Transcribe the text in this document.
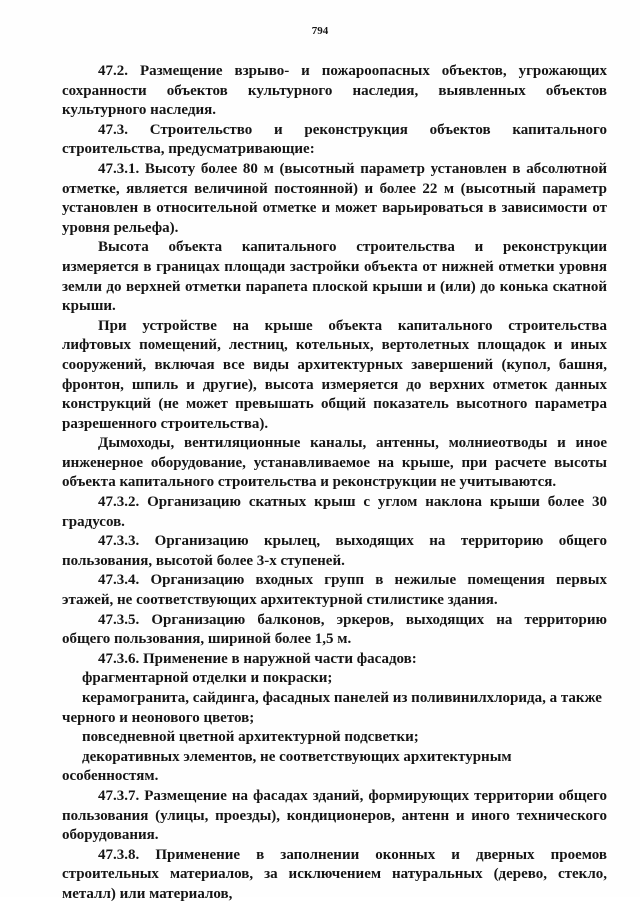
794

47.2. Размещение взрыво- и пожароопасных объектов, угрожающих сохранности объектов культурного наследия, выявленных объектов культурного наследия.

47.3. Строительство и реконструкция объектов капитального строительства, предусматривающие:

47.3.1. Высоту более 80 м (высотный параметр установлен в абсолютной отметке, является величиной постоянной) и более 22 м (высотный параметр установлен в относительной отметке и может варьироваться в зависимости от уровня рельефа).

Высота объекта капитального строительства и реконструкции измеряется в границах площади застройки объекта от нижней отметки уровня земли до верхней отметки парапета плоской крыши и (или) до конька скатной крыши.

При устройстве на крыше объекта капитального строительства лифтовых помещений, лестниц, котельных, вертолетных площадок и иных сооружений, включая все виды архитектурных завершений (купол, башня, фронтон, шпиль и другие), высота измеряется до верхних отметок данных конструкций (не может превышать общий показатель высотного параметра разрешенного строительства).

Дымоходы, вентиляционные каналы, антенны, молниеотводы и иное инженерное оборудование, устанавливаемое на крыше, при расчете высоты объекта капитального строительства и реконструкции не учитываются.

47.3.2. Организацию скатных крыш с углом наклона крыши более 30 градусов.

47.3.3. Организацию крылец, выходящих на территорию общего пользования, высотой более 3-х ступеней.

47.3.4. Организацию входных групп в нежилые помещения первых этажей, не соответствующих архитектурной стилистике здания.

47.3.5. Организацию балконов, эркеров, выходящих на территорию общего пользования, шириной более 1,5 м.

47.3.6. Применение в наружной части фасадов:

фрагментарной отделки и покраски;

керамогранита, сайдинга, фасадных панелей из поливинилхлорида, а также черного и неонового цветов;

повседневной цветной архитектурной подсветки;

декоративных элементов, не соответствующих архитектурным особенностям.

47.3.7. Размещение на фасадах зданий, формирующих территории общего пользования (улицы, проезды), кондиционеров, антенн и иного технического оборудования.

47.3.8. Применение в заполнении оконных и дверных проемов строительных материалов, за исключением натуральных (дерево, стекло, металл) или материалов,
